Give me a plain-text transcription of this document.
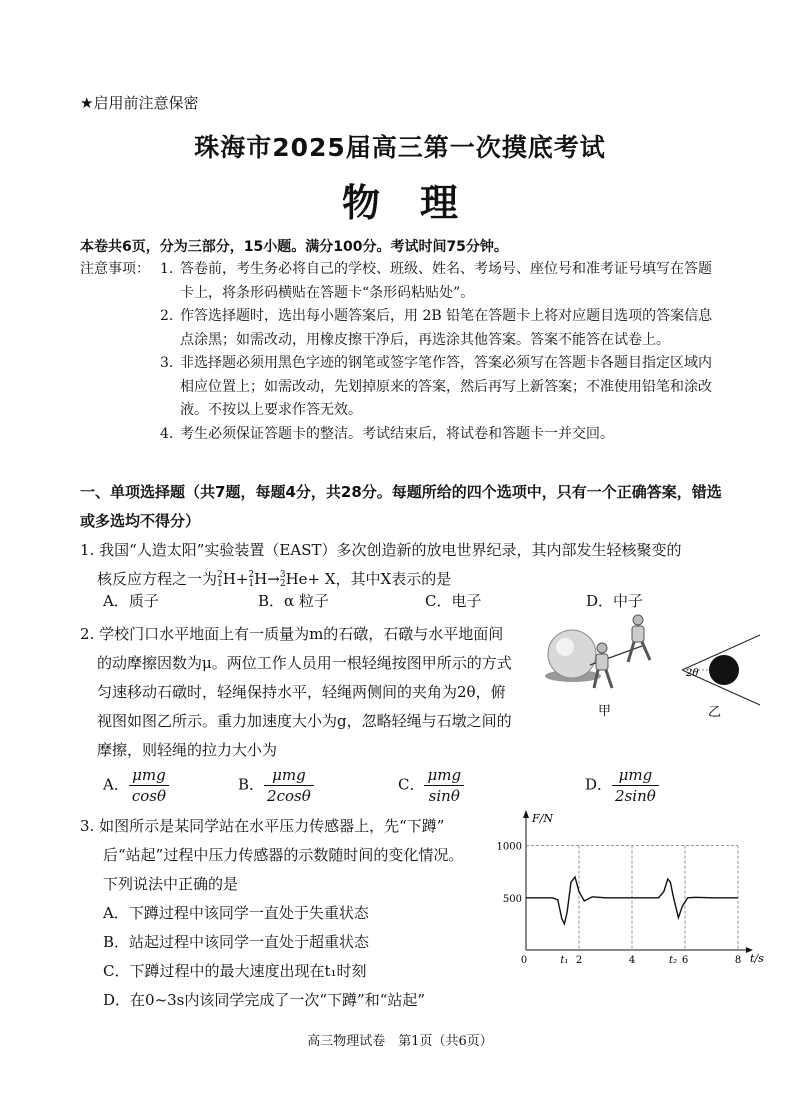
★启用前注意保密
珠海市2025届高三第一次摸底考试
物理
本卷共6页，分为三部分，15小题。满分100分。考试时间75分钟。
注意事项： 1. 答卷前，考生务必将自己的学校、班级、姓名、考场号、座位号和准考证号填写在答题卡上，将条形码横贴在答题卡“条形码粘贴处”。
2. 作答选择题时，选出每小题答案后，用 2B 铅笔在答题卡上将对应题目选项的答案信息点涂黑；如需改动，用橡皮擦干净后，再选涂其他答案。答案不能答在试卷上。
3. 非选择题必须用黑色字迹的钢笔或签字笔作答，答案必须写在答题卡各题目指定区域内相应位置上；如需改动，先划掉原来的答案，然后再写上新答案；不准使用铅笔和涂改液。不按以上要求作答无效。
4. 考生必须保证答题卡的整洁。考试结束后，将试卷和答题卡一并交回。
一、单项选择题（共7题，每题4分，共28分。每题所给的四个选项中，只有一个正确答案，错选或多选均不得分）
1. 我国“人造太阳”实验装置（EAST）多次创造新的放电世界纪录，其内部发生轻核聚变的
核反应方程之一为2
1H+2
1H→3
2He+ X，其中X表示的是
A．质子	B．α 粒子	C．电子	D．中子
2. 学校门口水平地面上有一质量为m的石礅，石礅与水平地面间
的动摩擦因数为μ。两位工作人员用一根轻绳按图甲所示的方式
匀速移动石礅时，轻绳保持水平，轻绳两侧间的夹角为2θ，俯
视图如图乙所示。重力加速度大小为g，忽略轻绳与石墩之间的
摩擦，则轻绳的拉力大小为
甲
2θ
乙
A． $\frac{\text{μmg}}{\cos\theta}$	B． $\frac{\text{μmg}}{2\cos\theta}$	C． $\frac{\text{μmg}}{\sin\theta}$	D． $\frac{\text{μmg}}{2\sin\theta}$
3. 如图所示是某同学站在水平压力传感器上，先“下蹲”
后“站起”过程中压力传感器的示数随时间的变化情况。
下列说法中正确的是
A．下蹲过程中该同学一直处于失重状态
B．站起过程中该同学一直处于超重状态
C．下蹲过程中的最大速度出现在t₁时刻
D．在0~3s内该同学完成了一次“下蹲”和“站起”
F/N
t/s
1000
500
0	t₁ 2	4	t₂ 6	8
高三物理试卷　第1页（共6页）
